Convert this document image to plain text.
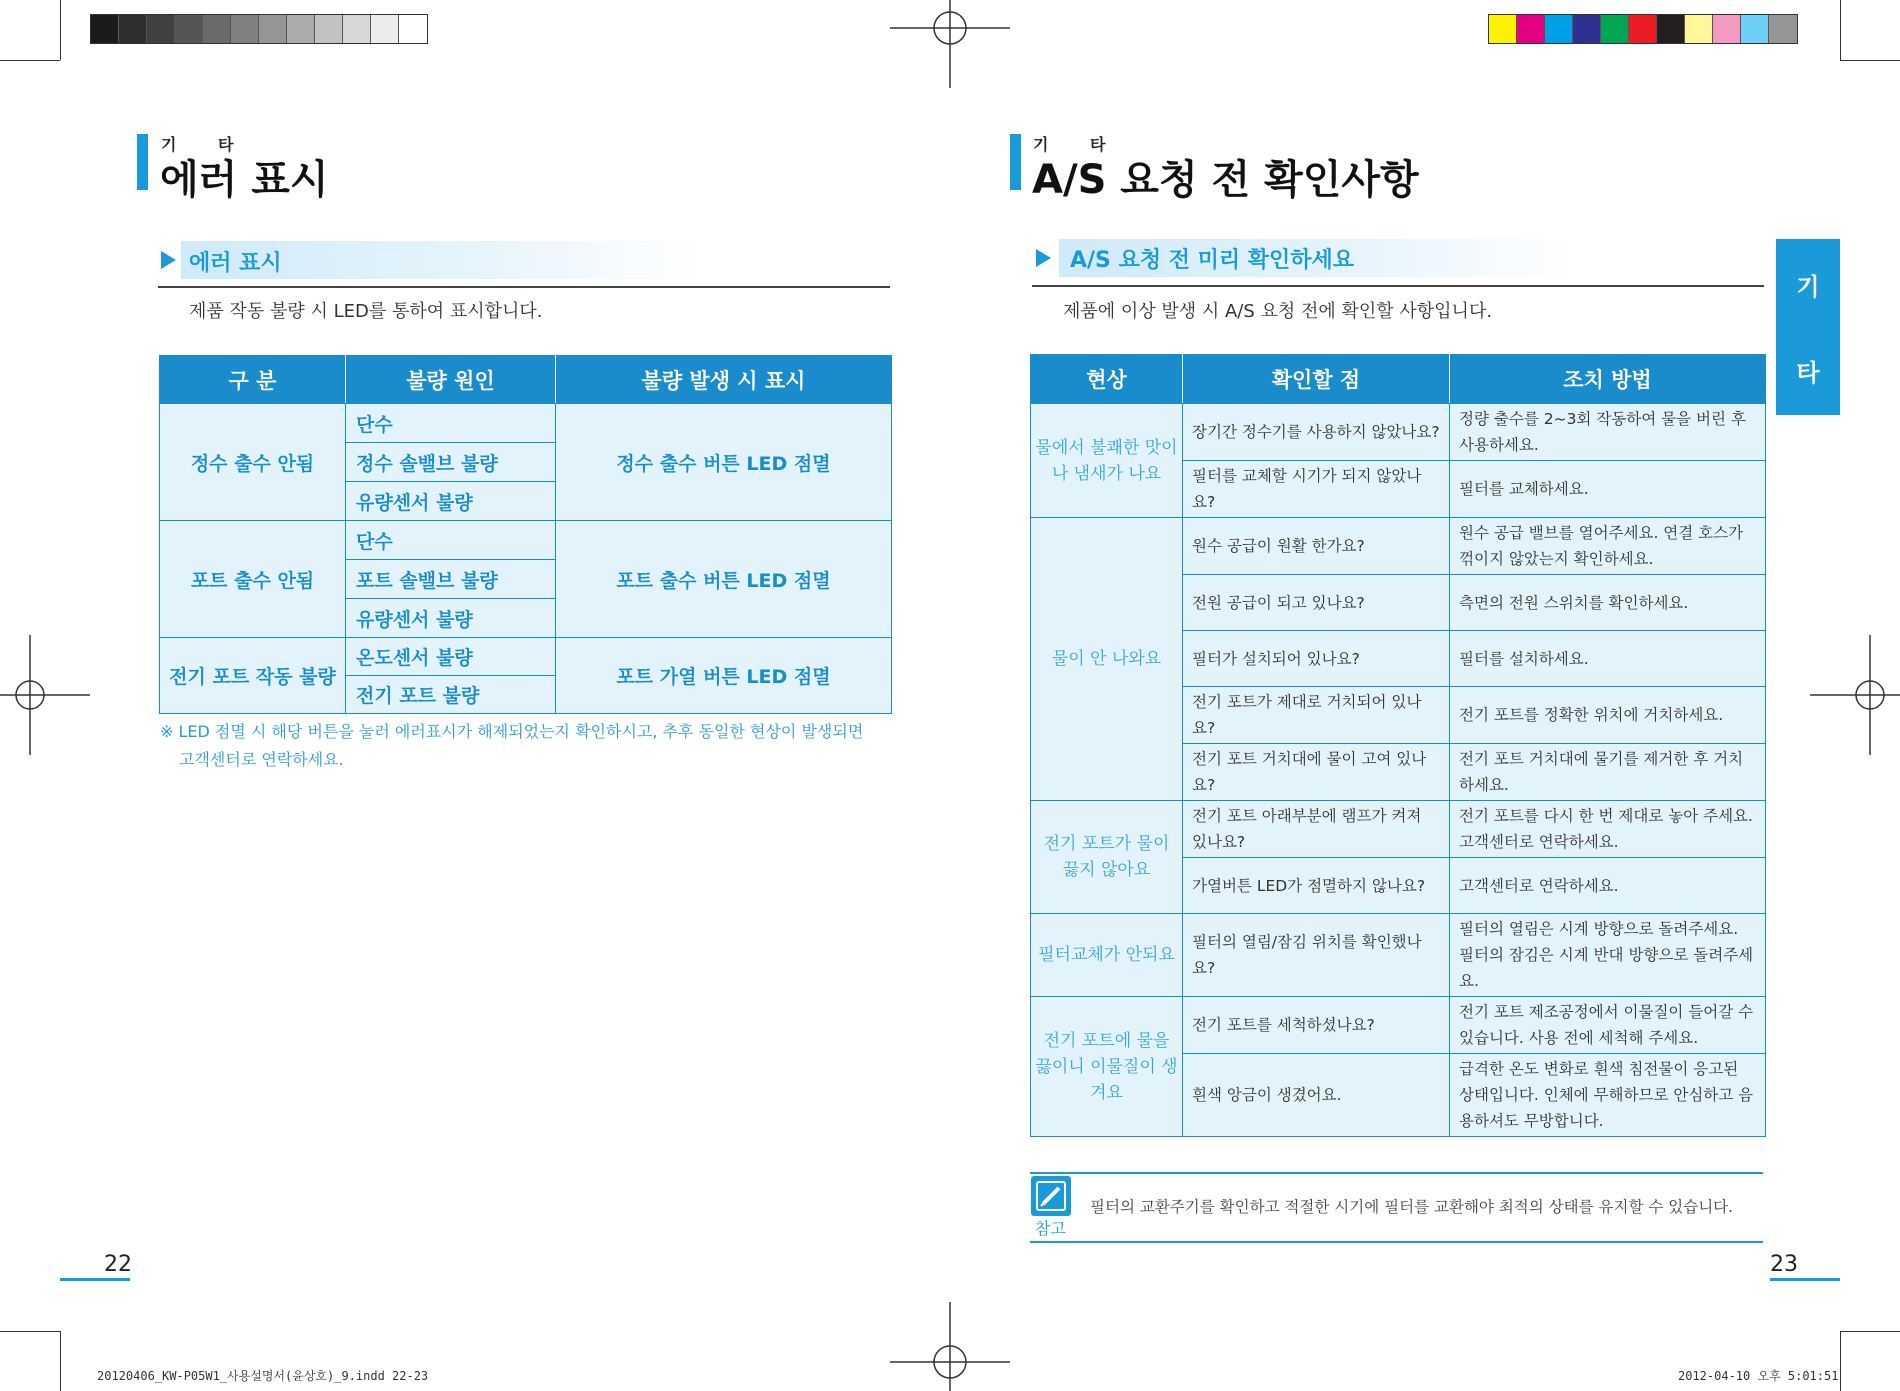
기 타
에러 표시
에러 표시
제품 작동 불량 시 LED를 통하여 표시합니다.
구 분	불량 원인	불량 발생 시 표시
정수 출수 안됨	단수	정수 출수 버튼 LED 점멸
	정수 솔밸브 불량	
	유량센서 불량	
포트 출수 안됨	단수	포트 출수 버튼 LED 점멸
	포트 솔밸브 불량	
	유량센서 불량	
전기 포트 작동 불량	온도센서 불량	포트 가열 버튼 LED 점멸
	전기 포트 불량	
※ LED 점멸 시 해당 버튼을 눌러 에러표시가 해제되었는지 확인하시고, 추후 동일한 현상이 발생되면
고객센터로 연락하세요.
22
기 타
A/S 요청 전 확인사항
A/S 요청 전 미리 확인하세요
제품에 이상 발생 시 A/S 요청 전에 확인할 사항입니다.
기
타
현상	확인할 점	조치 방법
물에서 불쾌한 맛이나 냄새가 나요	장기간 정수기를 사용하지 않았나요?	정량 출수를 2~3회 작동하여 물을 버린 후 사용하세요.
	필터를 교체할 시기가 되지 않았나요?	필터를 교체하세요.
물이 안 나와요	원수 공급이 원활 한가요?	원수 공급 밸브를 열어주세요. 연결 호스가 꺾이지 않았는지 확인하세요.
	전원 공급이 되고 있나요?	측면의 전원 스위치를 확인하세요.
	필터가 설치되어 있나요?	필터를 설치하세요.
	전기 포트가 제대로 거치되어 있나요?	전기 포트를 정확한 위치에 거치하세요.
	전기 포트 거치대에 물이 고여 있나요?	전기 포트 거치대에 물기를 제거한 후 거치하세요.
전기 포트가 물이 끓지 않아요	전기 포트 아래부분에 램프가 켜져 있나요?	전기 포트를 다시 한 번 제대로 놓아 주세요. 고객센터로 연락하세요.
	가열버튼 LED가 점멸하지 않나요?	고객센터로 연락하세요.
필터교체가 안되요	필터의 열림/잠김 위치를 확인했나요?	필터의 열림은 시계 방향으로 돌려주세요. 필터의 잠김은 시계 반대 방향으로 돌려주세요.
전기 포트에 물을 끓이니 이물질이 생겨요	전기 포트를 세척하셨나요?	전기 포트 제조공정에서 이물질이 들어갈 수 있습니다. 사용 전에 세척해 주세요.
	흰색 앙금이 생겼어요.	급격한 온도 변화로 흰색 침전물이 응고된 상태입니다. 인체에 무해하므로 안심하고 음용하셔도 무방합니다.
참고
필터의 교환주기를 확인하고 적절한 시기에 필터를 교환해야 최적의 상태를 유지할 수 있습니다.
23
20120406_KW-P05W1_사용설명서(윤상호)_9.indd 22-23	2012-04-10 오후 5:01:51
